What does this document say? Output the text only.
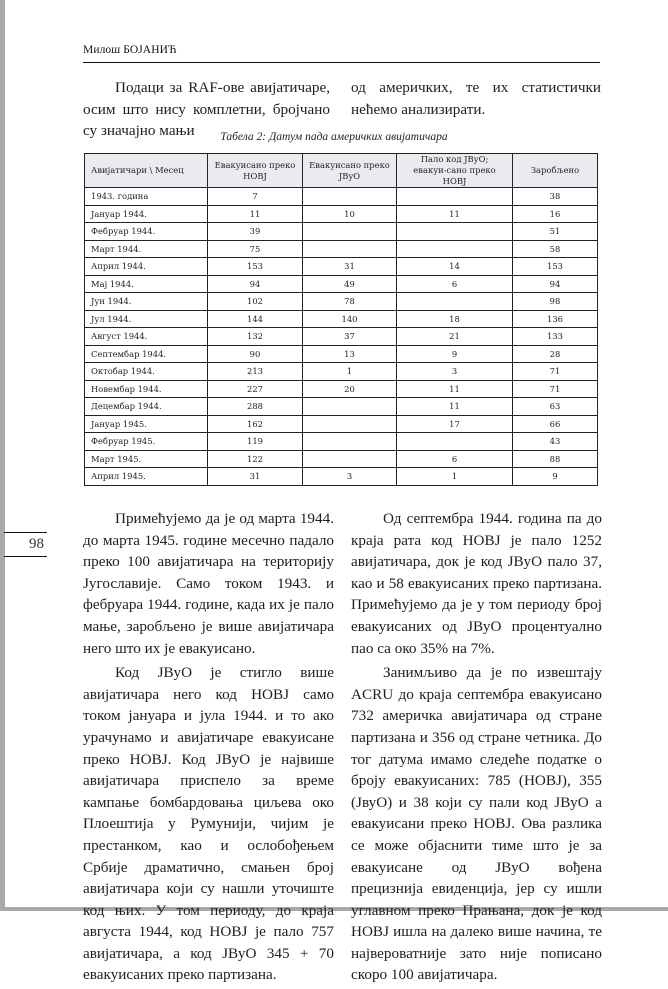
Милош БОЈАНИЋ

Подаци за RAF-ове авијатичаре, осим што нису комплетни, бројчано су значајно мањи

од америчких, те их статистички нећемо анализирати.

Табела 2: Датум пада америчких авијатичара
Авијатичари \ Месец	Евакуисано преко НОВЈ	Евакуисано преко ЈВуО	Пало код ЈВуО; евакуи-сано преко НОВЈ	Заробљено
1943. година	7			38
Јануар 1944.	11	10	11	16
Фебруар 1944.	39			51
Март 1944.	75			58
Април 1944.	153	31	14	153
Мај 1944.	94	49	6	94
Јун 1944.	102	78		98
Јул 1944.	144	140	18	136
Август 1944.	132	37	21	133
Септембар 1944.	90	13	9	28
Октобар 1944.	213	1	3	71
Новембар 1944.	227	20	11	71
Децембар 1944.	288		11	63
Јануар 1945.	162		17	66
Фебруар 1945.	119			43
Март 1945.	122		6	88
Април 1945.	31	3	1	9
98

Примећујемо да је од марта 1944. до марта 1945. године месечно падало преко 100 авијатичара на територију Југославије. Само током 1943. и фебруара 1944. године, када их је пало мање, заробљено је више авијатичара него што их је евакуисано.

Код ЈВуО је стигло више авијатичара него код НОВЈ само током јануара и јула 1944. и то ако урачунамо и авијатичаре евакуисане преко НОВЈ. Код ЈВуО је највише авијатичара приспело за време кампање бомбардовања циљева око Плоештија у Румунији, чијим је престанком, као и ослобођењем Србије драматично, смањен број авијатичара који су нашли уточиште код њих. У том периоду, до краја августа 1944, код НОВЈ је пало 757 авијатичара, а код ЈВуО 345 + 70 евакуисаних преко партизана.

Од септембра 1944. година па до краја рата код НОВЈ је пало 1252 авијатичара, док је код ЈВуО пало 37, као и 58 евакуисаних преко партизана. Примећујемо да је у том периоду број евакуисаних од ЈВуО процентуално пао са око 35% на 7%.

Занимљиво да је по извештају ACRU до краја септембра евакуисано 732 америчка авијатичара од стране партизана и 356 од стране четника. До тог датума имамо следеће податке о броју евакуисаних: 785 (НОВЈ), 355 (ЈвуО) и 38 који су пали код ЈВуО а евакуисани преко НОВЈ. Ова разлика се може објаснити тиме што је за евакуисане од ЈВуО вођена прецизнија евиденција, јер су ишли углавном преко Прањана, док је код НОВЈ ишла на далеко више начина, те највероватније зато није пописано скоро 100 авијатичара.
